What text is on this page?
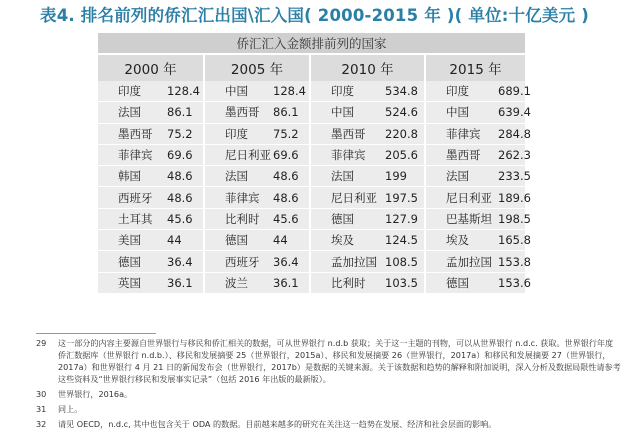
表4. 排名前列的侨汇汇出国\汇入国( 2000-2015 年 )( 单位:十亿美元 )
侨汇汇入金额排前列的国家							
2000 年		2005 年		2010 年		2015 年	
印度	128.4	中国	128.4	印度	534.8	印度	689.1
法国	86.1	墨西哥	86.1	中国	524.6	中国	639.4
墨西哥	75.2	印度	75.2	墨西哥	220.8	菲律宾	284.8
菲律宾	69.6	尼日利亚	69.6	菲律宾	205.6	墨西哥	262.3
韩国	48.6	法国	48.6	法国	199	法国	233.5
西班牙	48.6	菲律宾	48.6	尼日利亚	197.5	尼日利亚	189.6
土耳其	45.6	比利时	45.6	德国	127.9	巴基斯坦	198.5
美国	44	德国	44	埃及	124.5	埃及	165.8
德国	36.4	西班牙	36.4	孟加拉国	108.5	孟加拉国	153.8
英国	36.1	波兰	36.1	比利时	103.5	德国	153.6
29	这一部分的内容主要源自世界银行与移民和侨汇相关的数据，可从世界银行 n.d.b 获取；关于这一主题的刊物，可以从世界银行 n.d.c. 获取。世界银行年度侨汇数据库（世界银行 n.d.b.）、移民和发展摘要 25（世界银行，2015a）、移民和发展摘要 26（世界银行，2017a）和移民和发展摘要 27（世界银行，2017a）和世界银行 4 月 21 日的新闻发布会（世界银行，2017b）是数据的关键来源。关于该数据和趋势的解释和附加说明，深入分析及数据局限性请参考这些资料及“世界银行移民和发展事实记录”（包括 2016 年出版的最新版）。
30	世界银行，2016a。
31	同上。
32	请见 OECD，n.d.c, 其中也包含关于 ODA 的数据。目前越来越多的研究在关注这一趋势在发展、经济和社会层面的影响。
